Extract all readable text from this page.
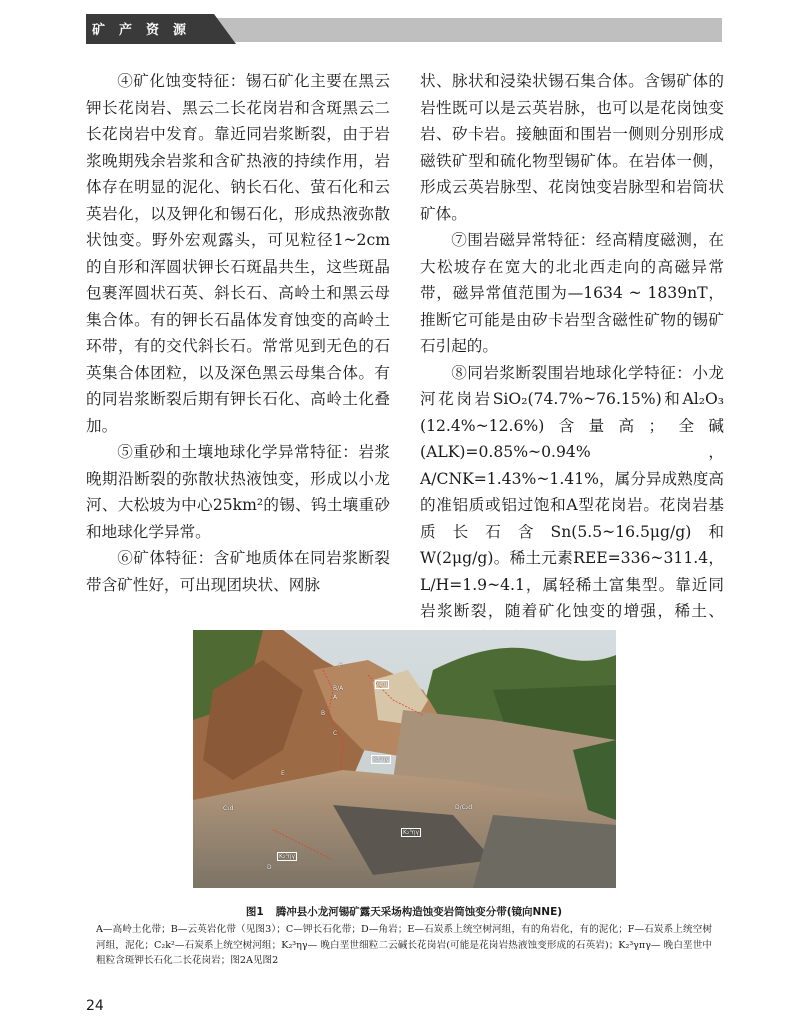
矿产资源

④矿化蚀变特征：锡石矿化主要在黑云钾长花岗岩、黑云二长花岗岩和含斑黑云二长花岗岩中发育。靠近同岩浆断裂，由于岩浆晚期残余岩浆和含矿热液的持续作用，岩体存在明显的泥化、钠长石化、萤石化和云英岩化，以及钾化和锡石化，形成热液弥散状蚀变。野外宏观露头，可见粒径1~2cm的自形和浑圆状钾长石斑晶共生，这些斑晶包裹浑圆状石英、斜长石、高岭土和黑云母集合体。有的钾长石晶体发育蚀变的高岭土环带，有的交代斜长石。常常见到无色的石英集合体团粒，以及深色黑云母集合体。有的同岩浆断裂后期有钾长石化、高岭土化叠加。

⑤重砂和土壤地球化学异常特征：岩浆晚期沿断裂的弥散状热液蚀变，形成以小龙河、大松坡为中心25km²的锡、钨土壤重砂和地球化学异常。

⑥矿体特征：含矿地质体在同岩浆断裂带含矿性好，可出现团块状、网脉

状、脉状和浸染状锡石集合体。含锡矿体的岩性既可以是云英岩脉，也可以是花岗蚀变岩、矽卡岩。接触面和围岩一侧则分别形成磁铁矿型和硫化物型锡矿体。在岩体一侧，形成云英岩脉型、花岗蚀变岩脉型和岩筒状矿体。

⑦围岩磁异常特征：经高精度磁测，在大松坡存在宽大的北北西走向的高磁异常带，磁异常值范围为—1634 ~ 1839nT，推断它可能是由矽卡岩型含磁性矿物的锡矿石引起的。

⑧同岩浆断裂围岩地球化学特征：小龙河花岗岩SiO₂(74.7%~76.15%)和Al₂O₃ (12.4%~12.6%)含量高；全碱(ALK)=0.85%~0.94%，A/CNK=1.43%~1.41%，属分异成熟度高的准铝质或铝过饱和A型花岗岩。花岗岩基质长石含Sn(5.5~16.5μg/g)和W(2μg/g)。稀土元素REE=336~311.4，L/H=1.9~4.1，属轻稀土富集型。靠近同岩浆断裂，随着矿化蚀变的增强，稀土、

F
C₂d
B/A
A
B
C
K₂³ηγ
E
C₂d	D/C₂d
K₂³ηγ
K₂³ηγ
D
图1 腾冲县小龙河锡矿露天采场构造蚀变岩筒蚀变分带(镜向NNE)
A—高岭土化带；B—云英岩化带（见图3）；C—钾长石化带；D—角岩；E—石炭系上统空树河组，有的角岩化，有的泥化；F—石炭系上统空树河组，泥化；C₂k²—石炭系上统空树河组；K₂³ηγ— 晚白垩世细粒二云碱长花岗岩(可能是花岗岩热液蚀变形成的石英岩)；K₂³γπγ— 晚白垩世中粗粒含斑钾长石化二长花岗岩；图2A见图2
24
